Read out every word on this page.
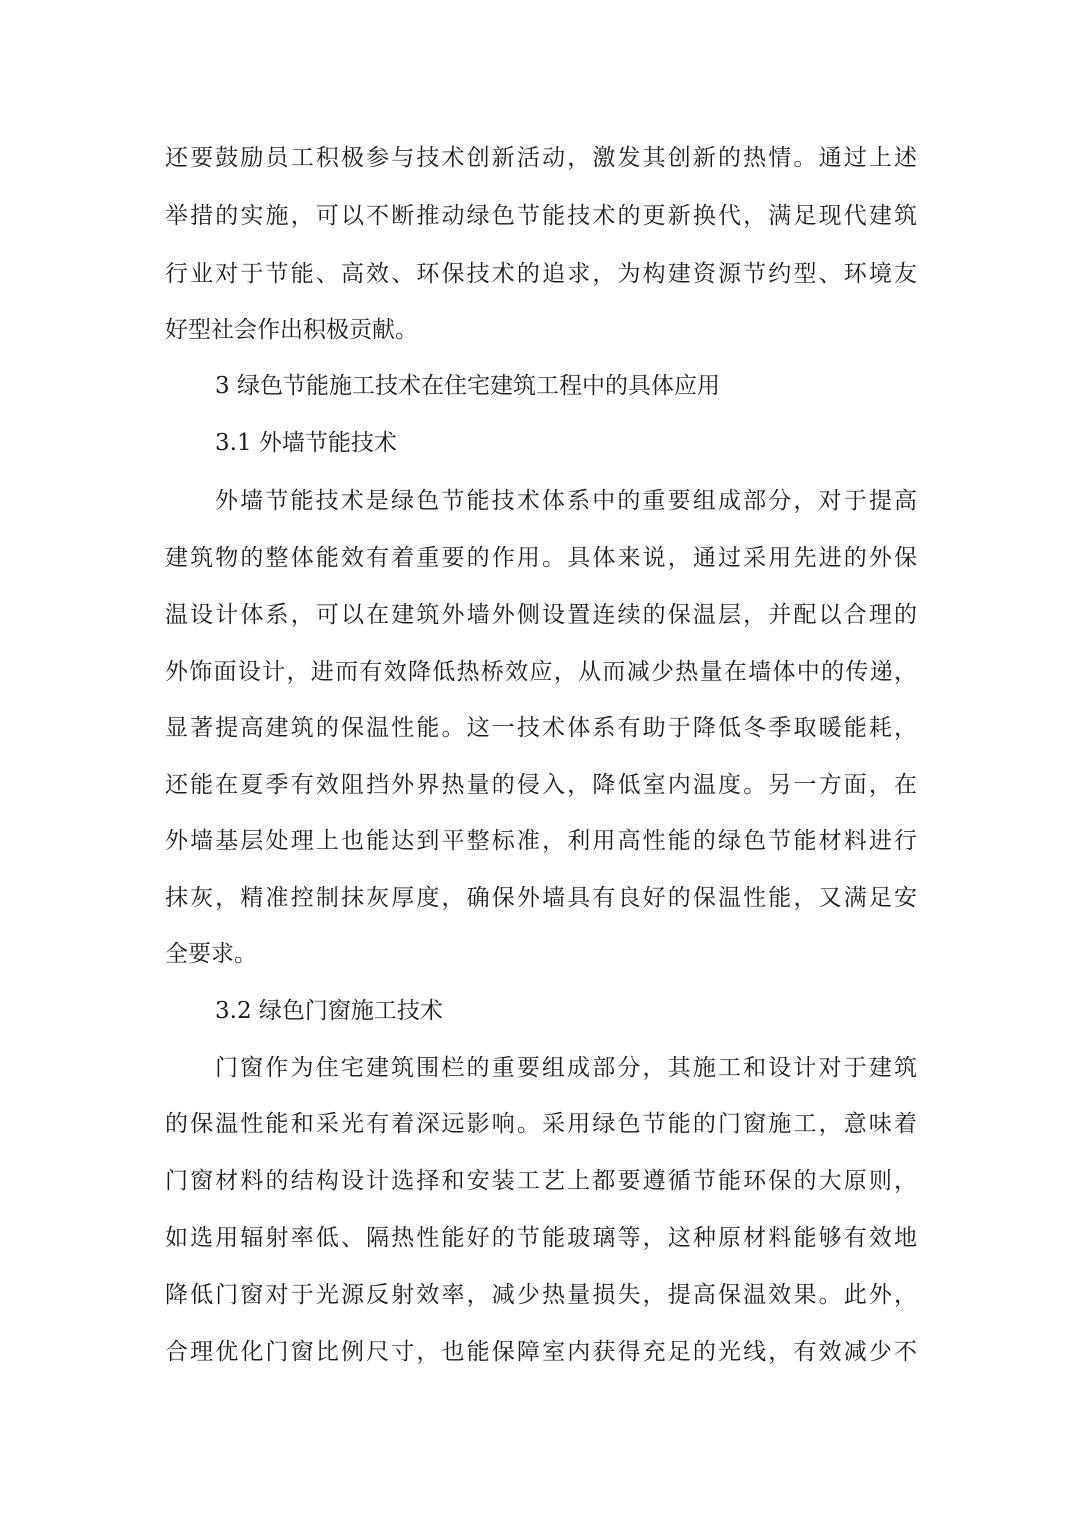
还要鼓励员工积极参与技术创新活动，激发其创新的热情。通过上述
举措的实施，可以不断推动绿色节能技术的更新换代，满足现代建筑
行业对于节能、高效、环保技术的追求，为构建资源节约型、环境友
好型社会作出积极贡献。
3 绿色节能施工技术在住宅建筑工程中的具体应用
3.1 外墙节能技术
外墙节能技术是绿色节能技术体系中的重要组成部分，对于提高
建筑物的整体能效有着重要的作用。具体来说，通过采用先进的外保
温设计体系，可以在建筑外墙外侧设置连续的保温层，并配以合理的
外饰面设计，进而有效降低热桥效应，从而减少热量在墙体中的传递，
显著提高建筑的保温性能。这一技术体系有助于降低冬季取暖能耗，
还能在夏季有效阻挡外界热量的侵入，降低室内温度。另一方面，在
外墙基层处理上也能达到平整标准，利用高性能的绿色节能材料进行
抹灰，精准控制抹灰厚度，确保外墙具有良好的保温性能，又满足安
全要求。
3.2 绿色门窗施工技术
门窗作为住宅建筑围栏的重要组成部分，其施工和设计对于建筑
的保温性能和采光有着深远影响。采用绿色节能的门窗施工，意味着
门窗材料的结构设计选择和安装工艺上都要遵循节能环保的大原则，
如选用辐射率低、隔热性能好的节能玻璃等，这种原材料能够有效地
降低门窗对于光源反射效率，减少热量损失，提高保温效果。此外，
合理优化门窗比例尺寸，也能保障室内获得充足的光线，有效减少不
